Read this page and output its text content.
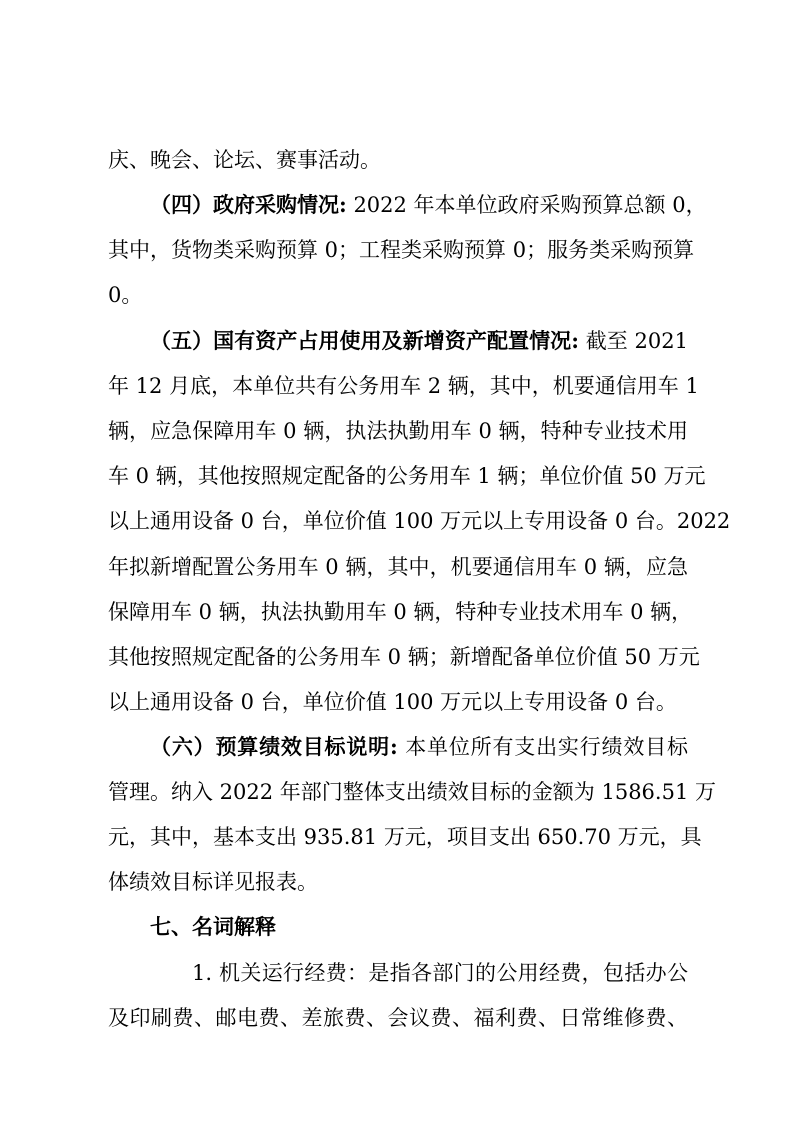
庆、晚会、论坛、赛事活动。
（四）政府采购情况: 2022 年本单位政府采购预算总额 0，
其中，货物类采购预算 0；工程类采购预算 0；服务类采购预算
0。
（五）国有资产占用使用及新增资产配置情况: 截至 2021
年 12 月底，本单位共有公务用车 2 辆，其中，机要通信用车 1
辆，应急保障用车 0 辆，执法执勤用车 0 辆，特种专业技术用
车 0 辆，其他按照规定配备的公务用车 1 辆；单位价值 50 万元
以上通用设备 0 台，单位价值 100 万元以上专用设备 0 台。2022
年拟新增配置公务用车 0 辆，其中，机要通信用车 0 辆，应急
保障用车 0 辆，执法执勤用车 0 辆，特种专业技术用车 0 辆，
其他按照规定配备的公务用车 0 辆；新增配备单位价值 50 万元
以上通用设备 0 台，单位价值 100 万元以上专用设备 0 台。
（六）预算绩效目标说明: 本单位所有支出实行绩效目标
管理。纳入 2022 年部门整体支出绩效目标的金额为 1586.51 万
元，其中，基本支出 935.81 万元，项目支出 650.70 万元，具
体绩效目标详见报表。
七、名词解释
1. 机关运行经费：是指各部门的公用经费，包括办公
及印刷费、邮电费、差旅费、会议费、福利费、日常维修费、
